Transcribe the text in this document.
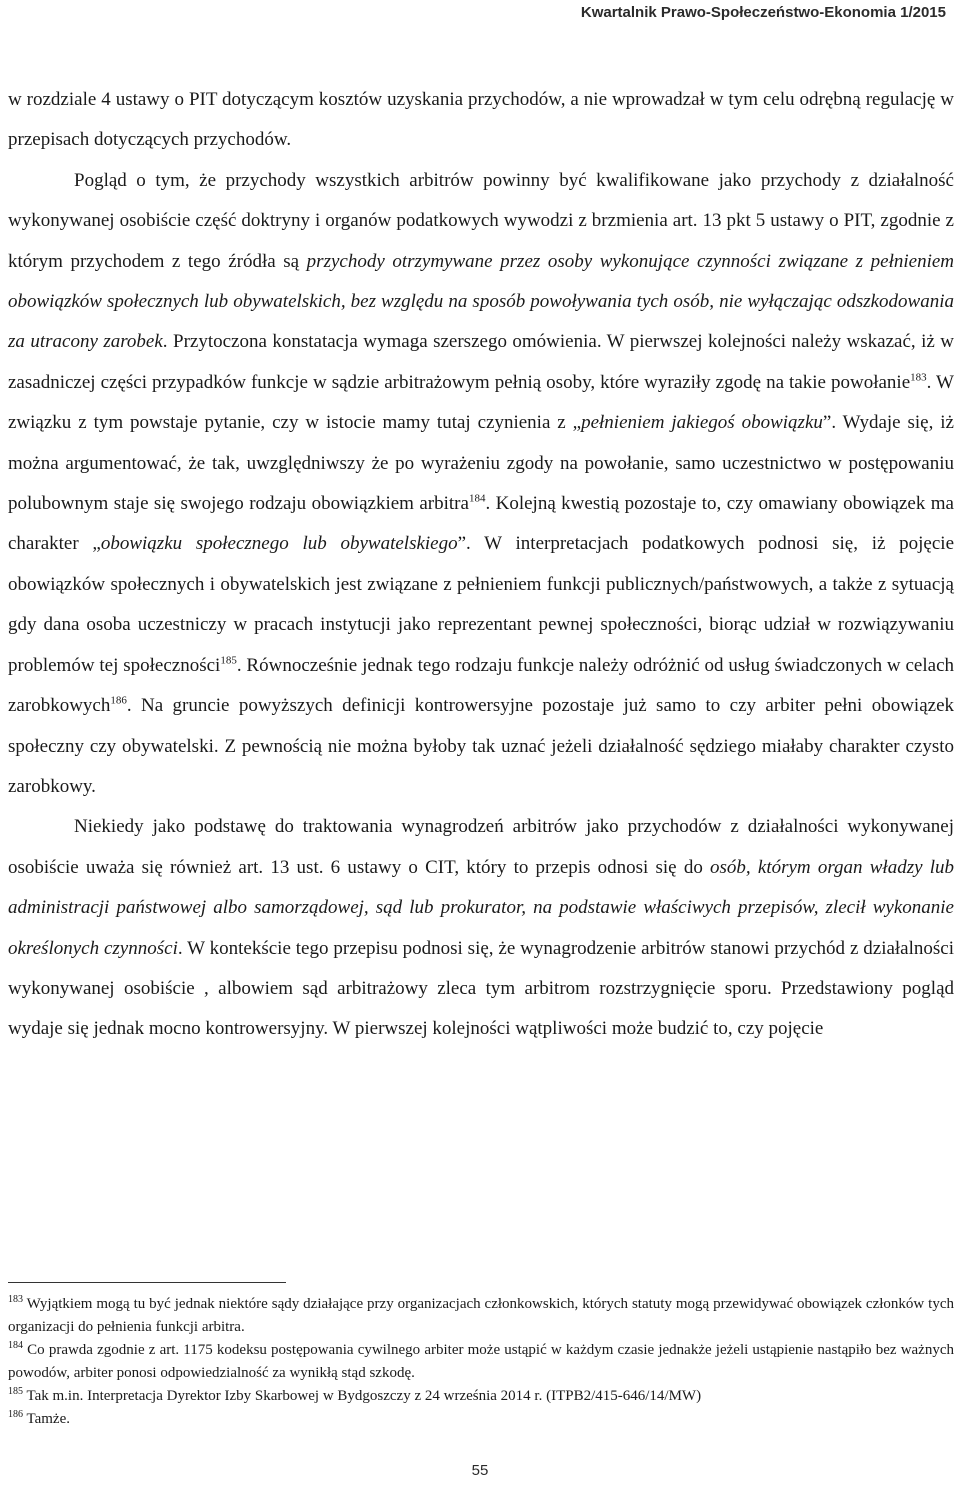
Kwartalnik Prawo-Społeczeństwo-Ekonomia 1/2015

w rozdziale 4 ustawy o PIT dotyczącym kosztów uzyskania przychodów, a nie wprowadzał w tym celu odrębną regulację w przepisach dotyczących przychodów.

Pogląd o tym, że przychody wszystkich arbitrów powinny być kwalifikowane jako przychody z działalność wykonywanej osobiście część doktryny i organów podatkowych wywodzi z brzmienia art. 13 pkt 5 ustawy o PIT, zgodnie z którym przychodem z tego źródła są przychody otrzymywane przez osoby wykonujące czynności związane z pełnieniem obowiązków społecznych lub obywatelskich, bez względu na sposób powoływania tych osób, nie wyłączając odszkodowania za utracony zarobek. Przytoczona konstatacja wymaga szerszego omówienia. W pierwszej kolejności należy wskazać, iż w zasadniczej części przypadków funkcje w sądzie arbitrażowym pełnią osoby, które wyraziły zgodę na takie powołanie$^{183}$. W związku z tym powstaje pytanie, czy w istocie mamy tutaj czynienia z „pełnieniem jakiegoś obowiązku”. Wydaje się, iż można argumentować, że tak, uwzględniwszy że po wyrażeniu zgody na powołanie, samo uczestnictwo w postępowaniu polubownym staje się swojego rodzaju obowiązkiem arbitra$^{184}$. Kolejną kwestią pozostaje to, czy omawiany obowiązek ma charakter „obowiązku społecznego lub obywatelskiego”. W interpretacjach podatkowych podnosi się, iż pojęcie obowiązków społecznych i obywatelskich jest związane z pełnieniem funkcji publicznych/państwowych, a także z sytuacją gdy dana osoba uczestniczy w pracach instytucji jako reprezentant pewnej społeczności, biorąc udział w rozwiązywaniu problemów tej społeczności$^{185}$. Równocześnie jednak tego rodzaju funkcje należy odróżnić od usług świadczonych w celach zarobkowych$^{186}$. Na gruncie powyższych definicji kontrowersyjne pozostaje już samo to czy arbiter pełni obowiązek społeczny czy obywatelski. Z pewnością nie można byłoby tak uznać jeżeli działalność sędziego miałaby charakter czysto zarobkowy.

Niekiedy jako podstawę do traktowania wynagrodzeń arbitrów jako przychodów z działalności wykonywanej osobiście uważa się również art. 13 ust. 6 ustawy o CIT, który to przepis odnosi się do osób, którym organ władzy lub administracji państwowej albo samorządowej, sąd lub prokurator, na podstawie właściwych przepisów, zlecił wykonanie określonych czynności. W kontekście tego przepisu podnosi się, że wynagrodzenie arbitrów stanowi przychód z działalności wykonywanej osobiście , albowiem sąd arbitrażowy zleca tym arbitrom rozstrzygnięcie sporu. Przedstawiony pogląd wydaje się jednak mocno kontrowersyjny. W pierwszej kolejności wątpliwości może budzić to, czy pojęcie

$^{183}$ Wyjątkiem mogą tu być jednak niektóre sądy działające przy organizacjach członkowskich, których statuty mogą przewidywać obowiązek członków tych organizacji do pełnienia funkcji arbitra.

$^{184}$ Co prawda zgodnie z art. 1175 kodeksu postępowania cywilnego arbiter może ustąpić w każdym czasie jednakże jeżeli ustąpienie nastąpiło bez ważnych powodów, arbiter ponosi odpowiedzialność za wynikłą stąd szkodę.

$^{185}$ Tak m.in. Interpretacja Dyrektor Izby Skarbowej w Bydgoszczy z 24 września 2014 r. (ITPB2/415-646/14/MW)

$^{186}$ Tamże.

55
